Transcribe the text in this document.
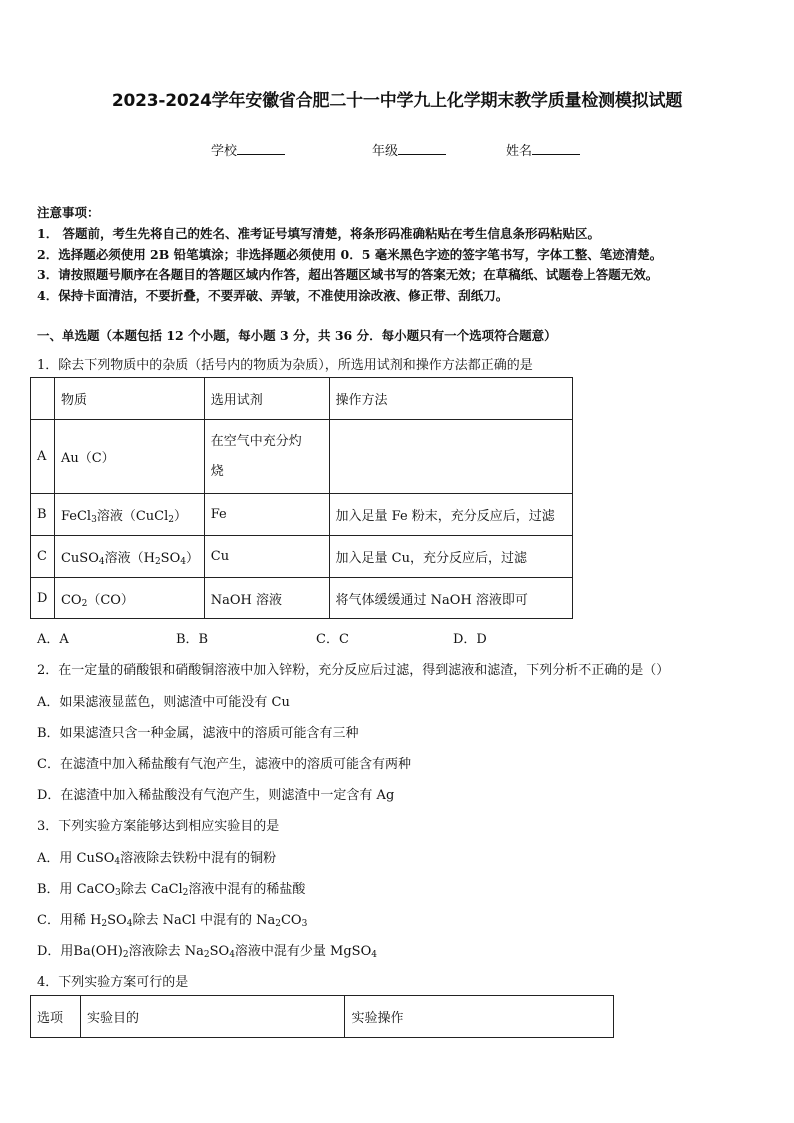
2023-2024学年安徽省合肥二十一中学九上化学期末教学质量检测模拟试题
学校	年级	姓名
注意事项：
1． 答题前，考生先将自己的姓名、准考证号填写清楚，将条形码准确粘贴在考生信息条形码粘贴区。
2．选择题必须使用 2B 铅笔填涂；非选择题必须使用 0．5 毫米黑色字迹的签字笔书写，字体工整、笔迹清楚。
3．请按照题号顺序在各题目的答题区域内作答，超出答题区域书写的答案无效；在草稿纸、试题卷上答题无效。
4．保持卡面清洁，不要折叠，不要弄破、弄皱，不准使用涂改液、修正带、刮纸刀。
一、单选题（本题包括 12 个小题，每小题 3 分，共 36 分．每小题只有一个选项符合题意）
1．除去下列物质中的杂质（括号内的物质为杂质），所选用试剂和操作方法都正确的是
	物质	选用试剂	操作方法
A	Au（C）	在空气中充分灼
烧	
B	FeCl$_3$溶液（CuCl$_2$）	Fe	加入足量 Fe 粉末，充分反应后，过滤
C	CuSO$_4$溶液$(H_2SO_4)$	Cu	加入足量 Cu，充分反应后，过滤
D	$CO_2(CO)$	NaOH 溶液	将气体缓缓通过 NaOH 溶液即可
A．A	B．B	C．C	D．D
2．在一定量的硝酸银和硝酸铜溶液中加入锌粉，充分反应后过滤，得到滤液和滤渣，下列分析不正确的是（）
A．如果滤液显蓝色，则滤渣中可能没有 Cu
B．如果滤渣只含一种金属，滤液中的溶质可能含有三种
C．在滤渣中加入稀盐酸有气泡产生，滤液中的溶质可能含有两种
D．在滤渣中加入稀盐酸没有气泡产生，则滤渣中一定含有 Ag
3．下列实验方案能够达到相应实验目的是
A．用 CuSO$_4$溶液除去铁粉中混有的铜粉
B．用 CaCO$_3$除去 CaCl$_2$溶液中混有的稀盐酸
C．用稀 $H_2SO_4$除去 NaCl 中混有的 $Na_2CO_3$
D．用$Ba(OH)_2$溶液除去 $Na_2SO_4$溶液中混有少量 MgSO$_4$
4．下列实验方案可行的是
选项	实验目的	实验操作
